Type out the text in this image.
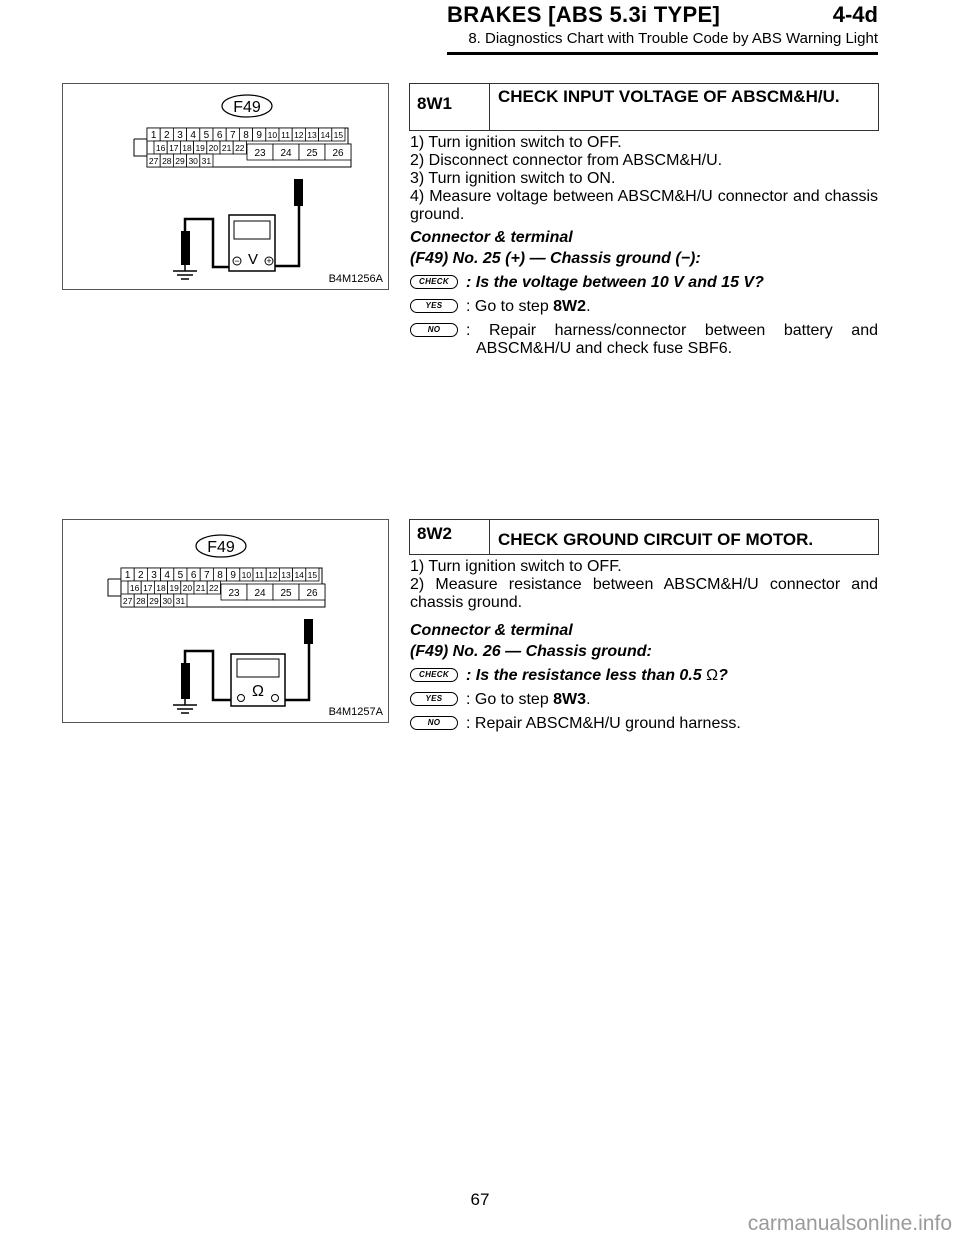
BRAKES [ABS 5.3i TYPE]	4-4d
8. Diagnostics Chart with Trouble Code by ABS Warning Light
F49
1 2 3 4 5 6 7 8 9 10 11 12 13 14 15
16 17 18 19 20 21 22
27 28 29 30 31
23 24 25 26
V
−	+
B4M1256A
8W1	CHECK INPUT VOLTAGE OF ABSCM&H/U.

1) Turn ignition switch to OFF.

2) Disconnect connector from ABSCM&H/U.

3) Turn ignition switch to ON.

4) Measure voltage between ABSCM&H/U connector and chassis ground.

Connector & terminal

(F49) No. 25 (+) — Chassis ground (−):

CHECK	: Is the voltage between 10 V and 15 V?
YES	: Go to step 8W2.
NO	: Repair harness/connector between battery and ABSCM&H/U and check fuse SBF6.

F49
1 2 3 4 5 6 7 8 9 10 11 12 13 14 15
16 17 18 19 20 21 22
27 28 29 30 31
23 24 25 26
Ω
B4M1257A
8W2	CHECK GROUND CIRCUIT OF MOTOR.

1) Turn ignition switch to OFF.

2) Measure resistance between ABSCM&H/U connector and chassis ground.

Connector & terminal

(F49) No. 26 — Chassis ground:

CHECK	: Is the resistance less than 0.5 Ω?
YES	: Go to step 8W3.
NO	: Repair ABSCM&H/U ground harness.
67
carmanualsonline.info
